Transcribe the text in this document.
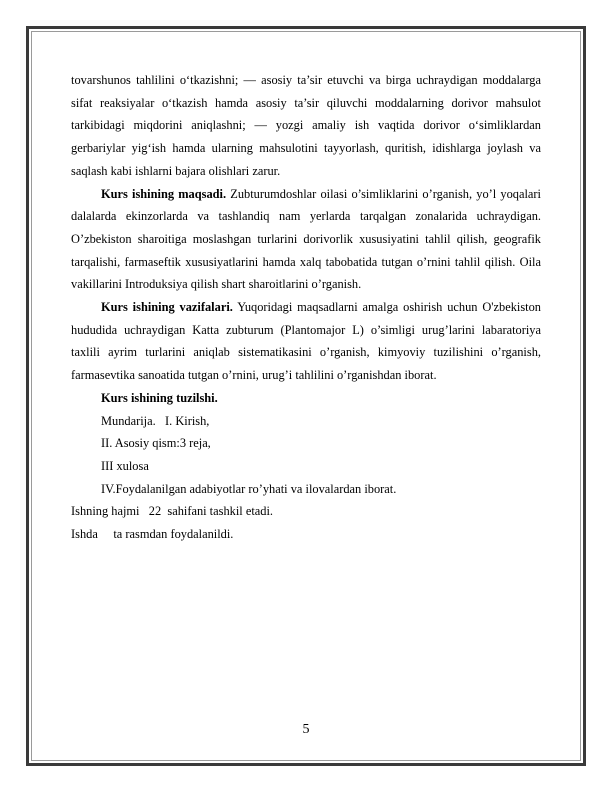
tovarshunos tahlilini o‘tkazishni; — asosiy ta’sir etuvchi va birga uchraydigan moddalarga sifat reaksiyalar o‘tkazish hamda asosiy ta’sir qiluvchi moddalarning dorivor mahsulot tarkibidagi miqdorini aniqlashni; — yozgi amaliy ish vaqtida dorivor o‘simliklardan gerbariylar yig‘ish hamda ularning mahsulotini tayyorlash, quritish, idishlarga joylash va saqlash kabi ishlarni bajara olishlari zarur.

Kurs ishining maqsadi. Zubturumdoshlar oilasi o’simliklarini o’rganish, yo’l yoqalari dalalarda ekinzorlarda va tashlandiq nam yerlarda tarqalgan zonalarida uchraydigan. O’zbekiston sharoitiga moslashgan turlarini dorivorlik xususiyatini tahlil qilish, geografik tarqalishi, farmaseftik xususiyatlarini hamda xalq tabobatida tutgan o’rnini tahlil qilish. Oila vakillarini Introduksiya qilish shart sharoitlarini o’rganish.

Kurs ishining vazifalari. Yuqoridagi maqsadlarni amalga oshirish uchun O'zbekiston hududida uchraydigan Katta zubturum (Plantomajor L) o’simligi urug’larini labaratoriya taxlili ayrim turlarini aniqlab sistematikasini o’rganish, kimyoviy tuzilishini o’rganish, farmasevtika sanoatida tutgan o’rnini, urug’i tahlilini o’rganishdan iborat.

Kurs ishining tuzilshi.

Mundarija.   I. Kirish,

II. Asosiy qism:3 reja,

III xulosa

IV.Foydalanilgan adabiyotlar ro’yhati va ilovalardan iborat.

Ishning hajmi   22  sahifani tashkil etadi.

Ishda     ta rasmdan foydalanildi.

5
